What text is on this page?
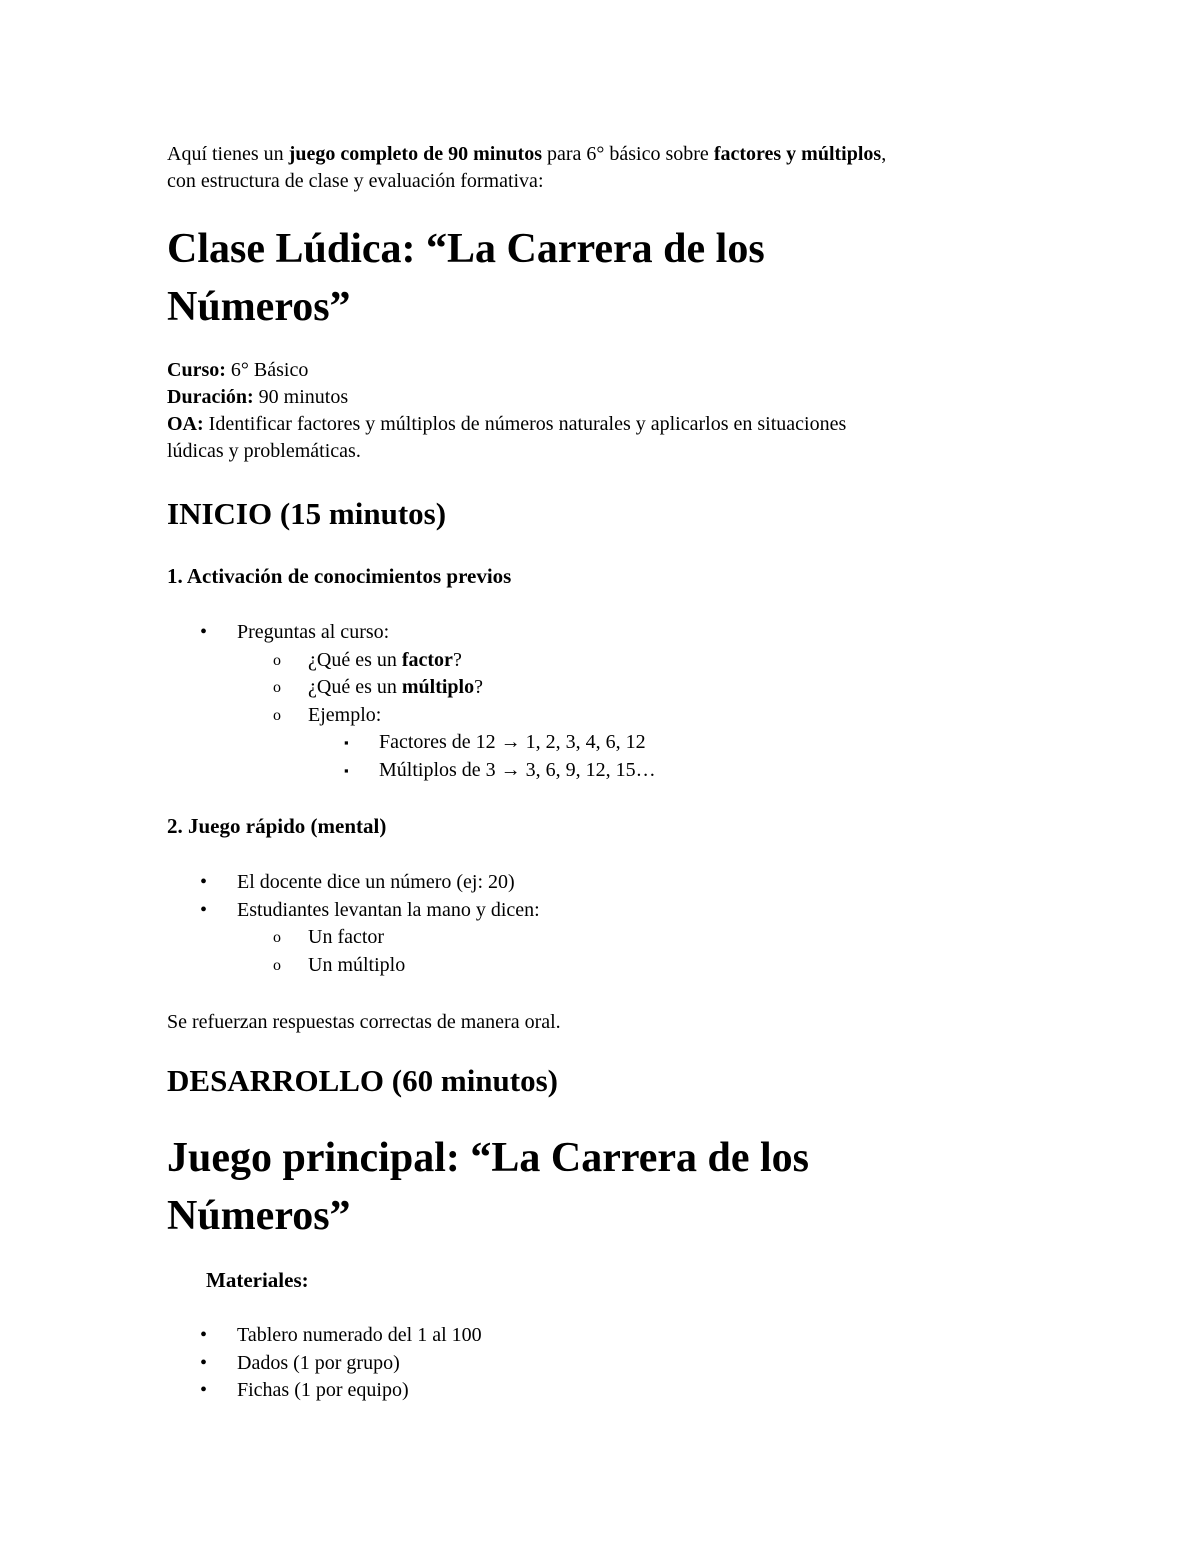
Aquí tienes un juego completo de 90 minutos para 6° básico sobre factores y múltiplos,

con estructura de clase y evaluación formativa:

Clase Lúdica: “La Carrera de los
Números”

Curso: 6° Básico

Duración: 90 minutos

OA: Identificar factores y múltiplos de números naturales y aplicarlos en situaciones

lúdicas y problemáticas.

INICIO (15 minutos)
1. Activación de conocimientos previos
• Preguntas al curso:
o ¿Qué es un factor?
o ¿Qué es un múltiplo?
o Ejemplo:
▪ Factores de 12 → 1, 2, 3, 4, 6, 12
▪ Múltiplos de 3 → 3, 6, 9, 12, 15…
2. Juego rápido (mental)
• El docente dice un número (ej: 20)
• Estudiantes levantan la mano y dicen:
o Un factor
o Un múltiplo

Se refuerzan respuestas correctas de manera oral.

DESARROLLO (60 minutos)
Juego principal: “La Carrera de los
Números”
Materiales:
• Tablero numerado del 1 al 100
• Dados (1 por grupo)
• Fichas (1 por equipo)
